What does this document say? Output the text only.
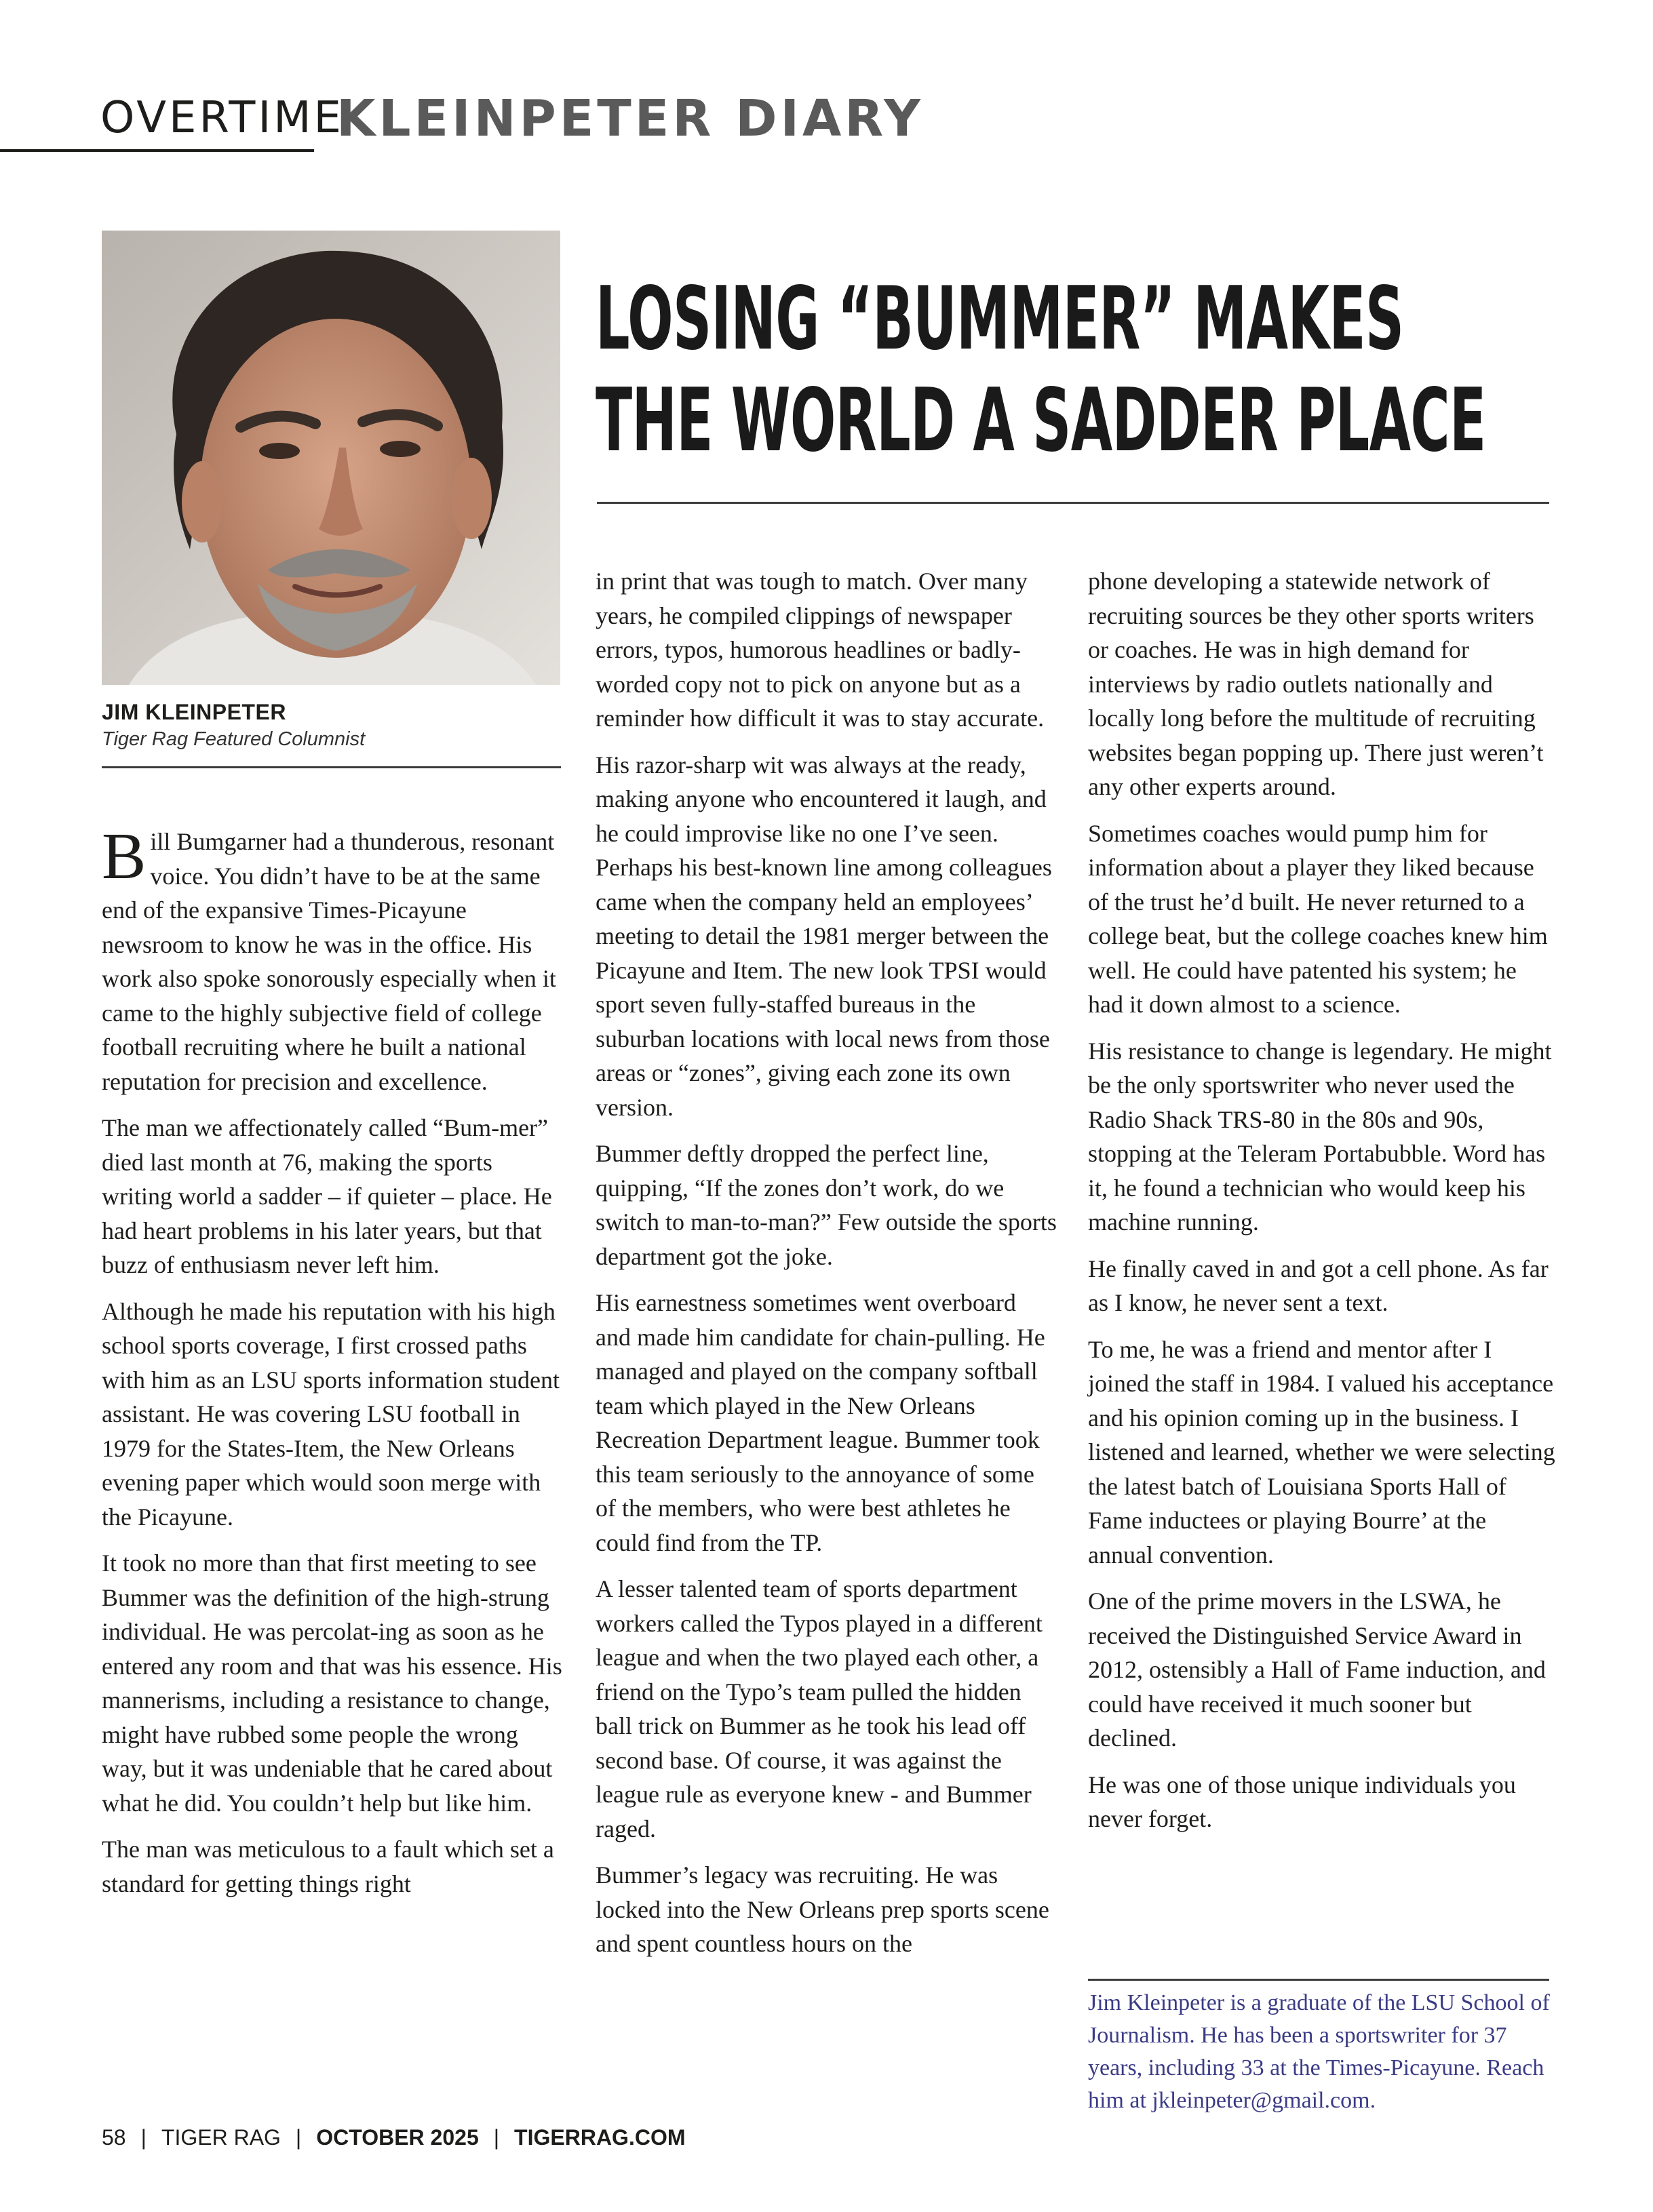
OVERTIME
KLEINPETER DIARY
JIM KLEINPETER
Tiger Rag Featured Columnist
LOSING “BUMMER” MAKES
THE WORLD A SADDER PLACE

Bill Bumgarner had a thunderous, resonant voice. You didn’t have to be at the same end of the expansive Times-Picayune newsroom to know he was in the office. His work also spoke sonorously especially when it came to the highly subjective field of college football recruiting where he built a national reputation for precision and excellence.

The man we affectionately called “Bum-mer” died last month at 76, making the sports writing world a sadder – if quieter – place. He had heart problems in his later years, but that buzz of enthusiasm never left him.

Although he made his reputation with his high school sports coverage, I first crossed paths with him as an LSU sports information student assistant. He was covering LSU football in 1979 for the States-Item, the New Orleans evening paper which would soon merge with the Picayune.

It took no more than that first meeting to see Bummer was the definition of the high-strung individual. He was percolat-ing as soon as he entered any room and that was his essence. His mannerisms, including a resistance to change, might have rubbed some people the wrong way, but it was undeniable that he cared about what he did. You couldn’t help but like him.

The man was meticulous to a fault which set a standard for getting things right

in print that was tough to match. Over many years, he compiled clippings of newspaper errors, typos, humorous headlines or badly-worded copy not to pick on anyone but as a reminder how difficult it was to stay accurate.

His razor-sharp wit was always at the ready, making anyone who encountered it laugh, and he could improvise like no one I’ve seen. Perhaps his best-known line among colleagues came when the company held an employees’ meeting to detail the 1981 merger between the Picayune and Item. The new look TPSI would sport seven fully-staffed bureaus in the suburban locations with local news from those areas or “zones”, giving each zone its own version.

Bummer deftly dropped the perfect line, quipping, “If the zones don’t work, do we switch to man-to-man?” Few outside the sports department got the joke.

His earnestness sometimes went overboard and made him candidate for chain-pulling. He managed and played on the company softball team which played in the New Orleans Recreation Department league. Bummer took this team seriously to the annoyance of some of the members, who were best athletes he could find from the TP.

A lesser talented team of sports department workers called the Typos played in a different league and when the two played each other, a friend on the Typo’s team pulled the hidden ball trick on Bummer as he took his lead off second base. Of course, it was against the league rule as everyone knew - and Bummer raged.

Bummer’s legacy was recruiting. He was locked into the New Orleans prep sports scene and spent countless hours on the

phone developing a statewide network of recruiting sources be they other sports writers or coaches. He was in high demand for interviews by radio outlets nationally and locally long before the multitude of recruiting websites began popping up. There just weren’t any other experts around.

Sometimes coaches would pump him for information about a player they liked because of the trust he’d built. He never returned to a college beat, but the college coaches knew him well. He could have patented his system; he had it down almost to a science.

His resistance to change is legendary. He might be the only sportswriter who never used the Radio Shack TRS-80 in the 80s and 90s, stopping at the Teleram Portabubble. Word has it, he found a technician who would keep his machine running.

He finally caved in and got a cell phone. As far as I know, he never sent a text.

To me, he was a friend and mentor after I joined the staff in 1984. I valued his acceptance and his opinion coming up in the business. I listened and learned, whether we were selecting the latest batch of Louisiana Sports Hall of Fame inductees or playing Bourre’ at the annual convention.

One of the prime movers in the LSWA, he received the Distinguished Service Award in 2012, ostensibly a Hall of Fame induction, and could have received it much sooner but declined.

He was one of those unique individuals you never forget.

Jim Kleinpeter is a graduate of the LSU School of Journalism. He has been a sportswriter for 37 years, including 33 at the Times-Picayune. Reach him at jkleinpeter@gmail.com.
58 | TIGER RAG | OCTOBER 2025 | TIGERRAG.COM
